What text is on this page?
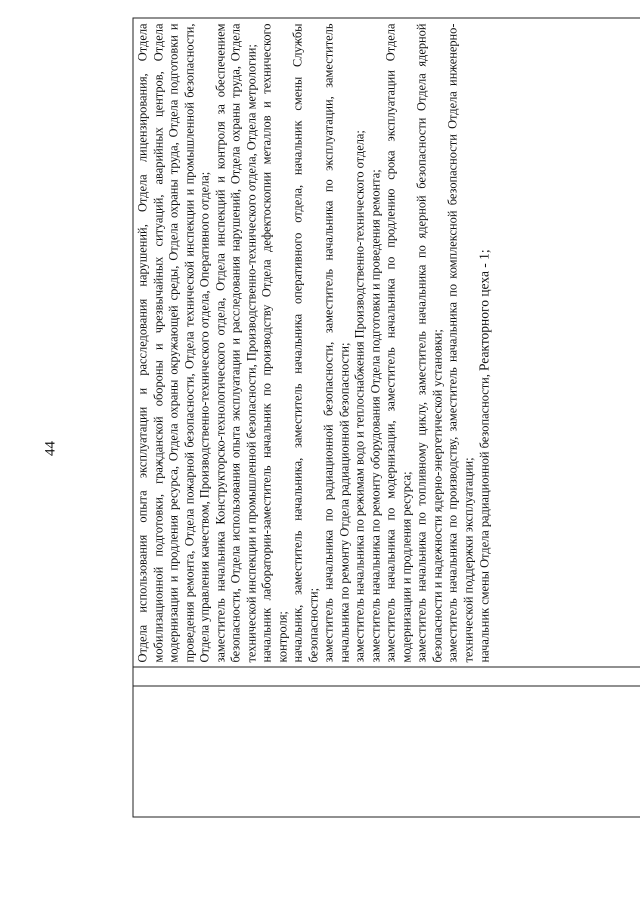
44
			Отдела использования опыта эксплуатации и расследования нарушений, Отдела лицензирования, Отдела мобилизационной подготовки, гражданской обороны и чрезвычайных ситуаций, аварийных центров, Отдела модернизации и продления ресурса, Отдела охраны окружающей среды, Отдела охраны труда, Отдела подготовки и проведения ремонта, Отдела пожарной безопасности, Отдела технической инспекции и промышленной безопасности, Отдела управления качеством, Производственно-технического отдела, Оперативного отдела; заместитель начальника Конструкторско-технологического отдела, Отдела инспекций и контроля за обеспечением безопасности, Отдела использования опыта эксплуатации и расследования нарушений, Отдела охраны труда, Отдела технической инспекции и промышленной безопасности, Производственно-технического отдела, Отдела метрологии; начальник лаборатории-заместитель начальник по производству Отдела дефектоскопии металлов и технического контроля; начальник, заместитель начальника, заместитель начальника оперативного отдела, начальник смены Службы безопасности; заместитель начальника по радиационной безопасности, заместитель начальника по эксплуатации, заместитель начальника по ремонту Отдела радиационной безопасности; заместитель начальника по режимам водо и теплоснабжения Производственно-технического отдела; заместитель начальника по ремонту оборудования Отдела подготовки и проведения ремонта; заместитель начальника по модернизации, заместитель начальника по продлению срока эксплуатации Отдела модернизации и продления ресурса; заместитель начальника по топливному циклу, заместитель начальника по ядерной безопасности Отдела ядерной безопасности и надежности ядерно-энергетической установки; заместитель начальника по производству, заместитель начальника по комплексной безопасности Отдела инженерно-технической поддержки эксплуатации; начальник смены Отдела радиационной безопасности, Реакторного цеха - 1;
